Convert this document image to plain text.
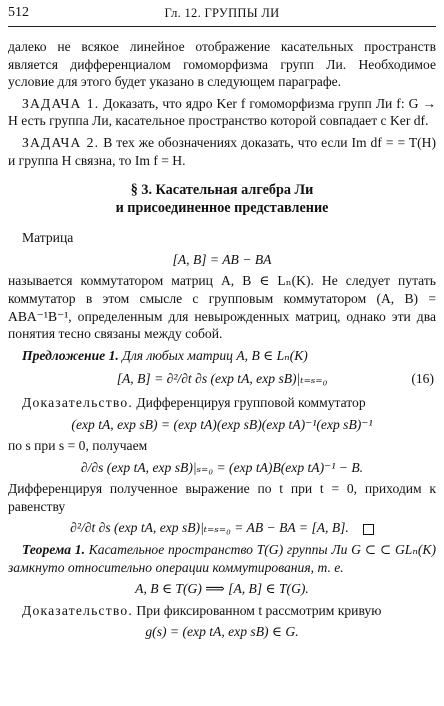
512	Гл. 12. ГРУППЫ ЛИ

далеко не всякое линейное отображение касательных пространств является дифференциалом гомоморфизма групп Ли. Необходимое условие для этого будет указано в следующем параграфе.

ЗАДАЧА 1. Доказать, что ядро Ker f гомоморфизма групп Ли f: G → H есть группа Ли, касательное пространство которой совпадает с Ker df.

ЗАДАЧА 2. В тех же обозначениях доказать, что если Im df = = T(H) и группа H связна, то Im f = H.

§ 3. Касательная алгебра Ли
и присоединенное представление

Матрица

[A, B] = AB − BA

называется коммутатором матриц A, B ∈ Lₙ(K). Не следует путать коммутатор в этом смысле с групповым коммутатором (A, B) = ABA⁻¹B⁻¹, определенным для невырожденных матриц, однако эти два понятия тесно связаны между собой.

Предложение 1. Для любых матриц A, B ∈ Lₙ(K)

[A, B] = ∂²/∂t ∂s (exp tA, exp sB)|ₜ₌ₛ₌₀	(16)

Доказательство. Дифференцируя групповой коммутатор

(exp tA, exp sB) = (exp tA)(exp sB)(exp tA)⁻¹(exp sB)⁻¹

по s при s = 0, получаем

∂/∂s (exp tA, exp sB)|ₛ₌₀ = (exp tA)B(exp tA)⁻¹ − B.

Дифференцируя полученное выражение по t при t = 0, приходим к равенству

∂²/∂t ∂s (exp tA, exp sB)|ₜ₌ₛ₌₀ = AB − BA = [A, B].

Теорема 1. Касательное пространство T(G) группы Ли G ⊂ ⊂ GLₙ(K) замкнуто относительно операции коммутирования, т. е.

A, B ∈ T(G) ⟹ [A, B] ∈ T(G).

Доказательство. При фиксированном t рассмотрим кривую

g(s) = (exp tA, exp sB) ∈ G.
